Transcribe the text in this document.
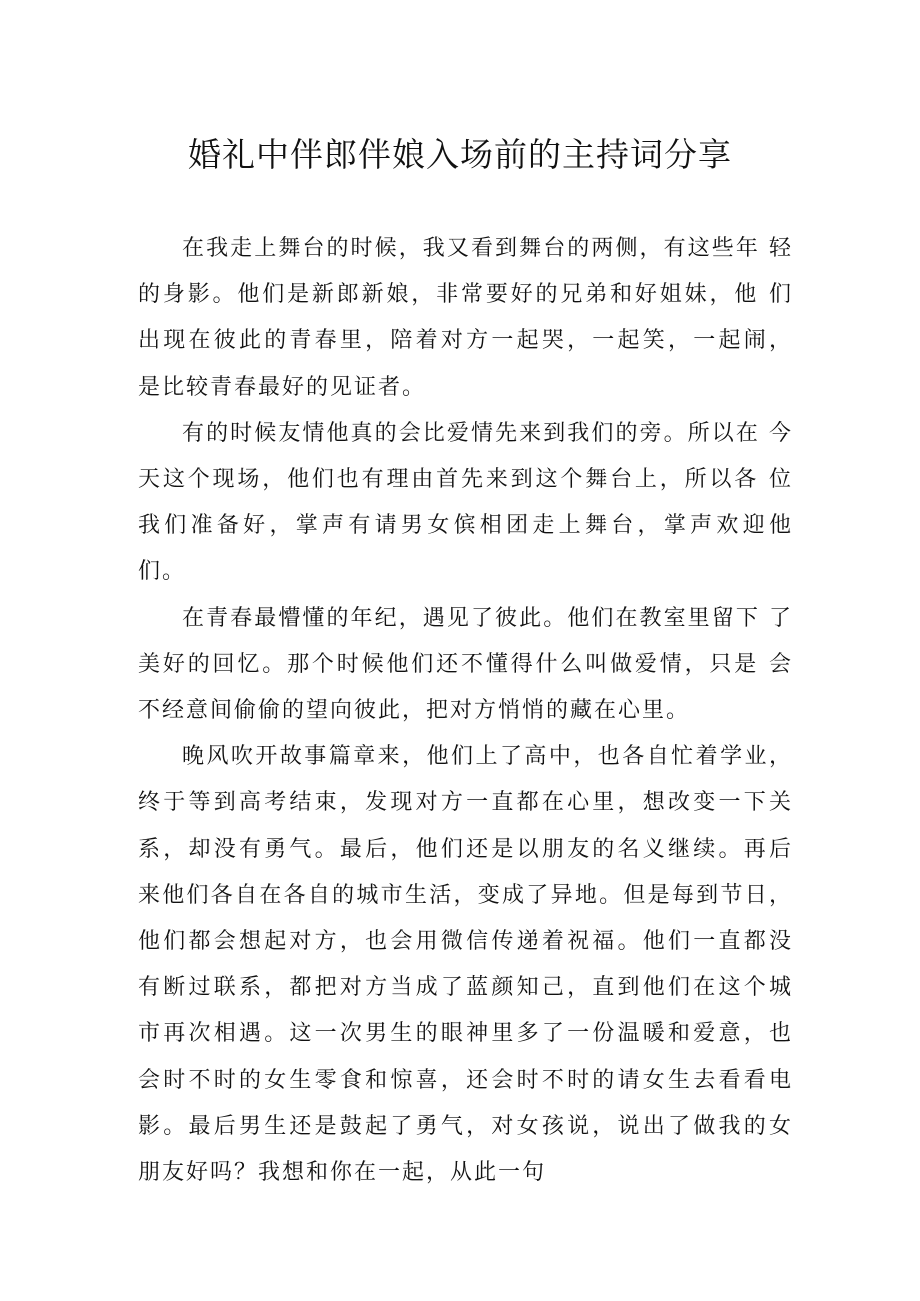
婚礼中伴郎伴娘入场前的主持词分享

在我走上舞台的时候，我又看到舞台的两侧，有这些年 轻的身影。他们是新郎新娘，非常要好的兄弟和好姐妹，他 们出现在彼此的青春里，陪着对方一起哭，一起笑，一起闹， 是比较青春最好的见证者。

有的时候友情他真的会比爱情先来到我们的旁。所以在 今天这个现场，他们也有理由首先来到这个舞台上，所以各 位我们准备好，掌声有请男女傧相团走上舞台，掌声欢迎他 们。

在青春最懵懂的年纪，遇见了彼此。他们在教室里留下 了美好的回忆。那个时候他们还不懂得什么叫做爱情，只是 会不经意间偷偷的望向彼此，把对方悄悄的藏在心里。

晚风吹开故事篇章来，他们上了高中，也各自忙着学业，终于等到高考结束，发现对方一直都在心里，想改变一下关 系，却没有勇气。最后，他们还是以朋友的名义继续。再后 来他们各自在各自的城市生活，变成了异地。但是每到节日， 他们都会想起对方，也会用微信传递着祝福。他们一直都没 有断过联系，都把对方当成了蓝颜知己，直到他们在这个城 市再次相遇。这一次男生的眼神里多了一份温暖和爱意，也 会时不时的女生零食和惊喜，还会时不时的请女生去看看电 影。最后男生还是鼓起了勇气，对女孩说，说出了做我的女 朋友好吗？我想和你在一起，从此一句
